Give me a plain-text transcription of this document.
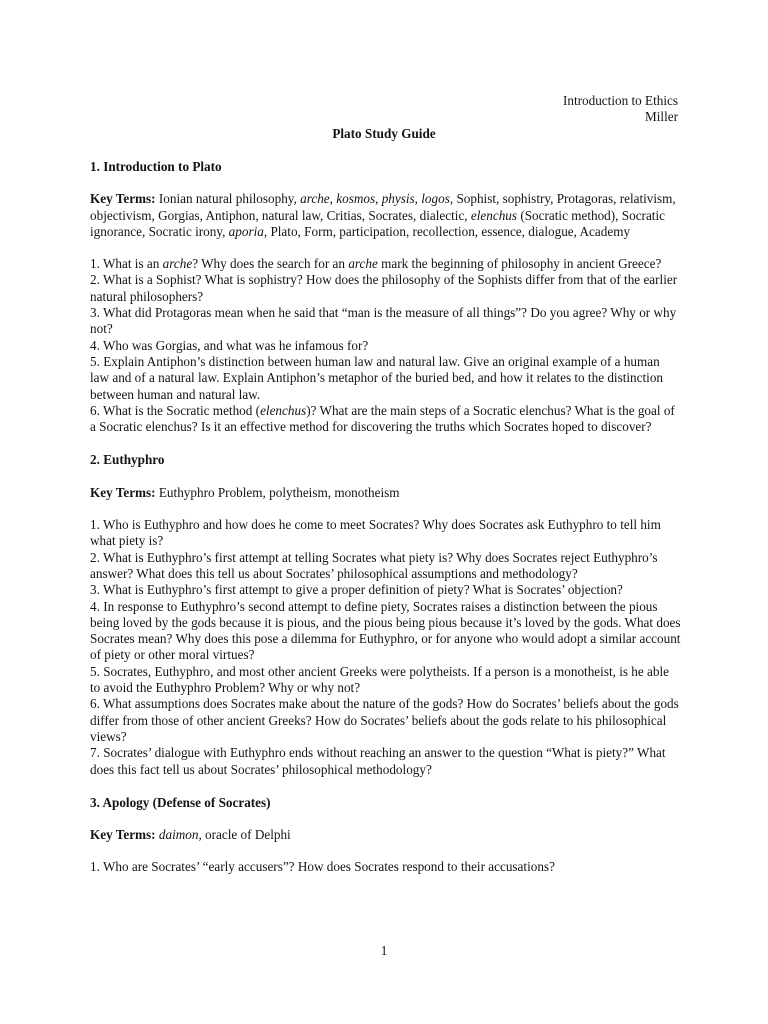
Introduction to Ethics

Miller

Plato Study Guide

1. Introduction to Plato

Key Terms: Ionian natural philosophy, arche, kosmos, physis, logos, Sophist, sophistry, Protagoras, relativism, objectivism, Gorgias, Antiphon, natural law, Critias, Socrates, dialectic, elenchus (Socratic method), Socratic ignorance, Socratic irony, aporia, Plato, Form, participation, recollection, essence, dialogue, Academy

1. What is an arche? Why does the search for an arche mark the beginning of philosophy in ancient Greece?

2. What is a Sophist? What is sophistry? How does the philosophy of the Sophists differ from that of the earlier natural philosophers?

3. What did Protagoras mean when he said that “man is the measure of all things”? Do you agree? Why or why not?

4. Who was Gorgias, and what was he infamous for?

5. Explain Antiphon’s distinction between human law and natural law. Give an original example of a human law and of a natural law. Explain Antiphon’s metaphor of the buried bed, and how it relates to the distinction between human and natural law.

6. What is the Socratic method (elenchus)? What are the main steps of a Socratic elenchus? What is the goal of a Socratic elenchus? Is it an effective method for discovering the truths which Socrates hoped to discover?

2. Euthyphro

Key Terms: Euthyphro Problem, polytheism, monotheism

1. Who is Euthyphro and how does he come to meet Socrates? Why does Socrates ask Euthyphro to tell him what piety is?

2. What is Euthyphro’s first attempt at telling Socrates what piety is? Why does Socrates reject Euthyphro’s answer? What does this tell us about Socrates’ philosophical assumptions and methodology?

3. What is Euthyphro’s first attempt to give a proper definition of piety? What is Socrates’ objection?

4. In response to Euthyphro’s second attempt to define piety, Socrates raises a distinction between the pious being loved by the gods because it is pious, and the pious being pious because it’s loved by the gods. What does Socrates mean? Why does this pose a dilemma for Euthyphro, or for anyone who would adopt a similar account of piety or other moral virtues?

5. Socrates, Euthyphro, and most other ancient Greeks were polytheists. If a person is a monotheist, is he able to avoid the Euthyphro Problem? Why or why not?

6. What assumptions does Socrates make about the nature of the gods? How do Socrates’ beliefs about the gods differ from those of other ancient Greeks? How do Socrates’ beliefs about the gods relate to his philosophical views?

7. Socrates’ dialogue with Euthyphro ends without reaching an answer to the question “What is piety?” What does this fact tell us about Socrates’ philosophical methodology?

3. Apology (Defense of Socrates)

Key Terms: daimon, oracle of Delphi

1. Who are Socrates’ “early accusers”? How does Socrates respond to their accusations?

1
